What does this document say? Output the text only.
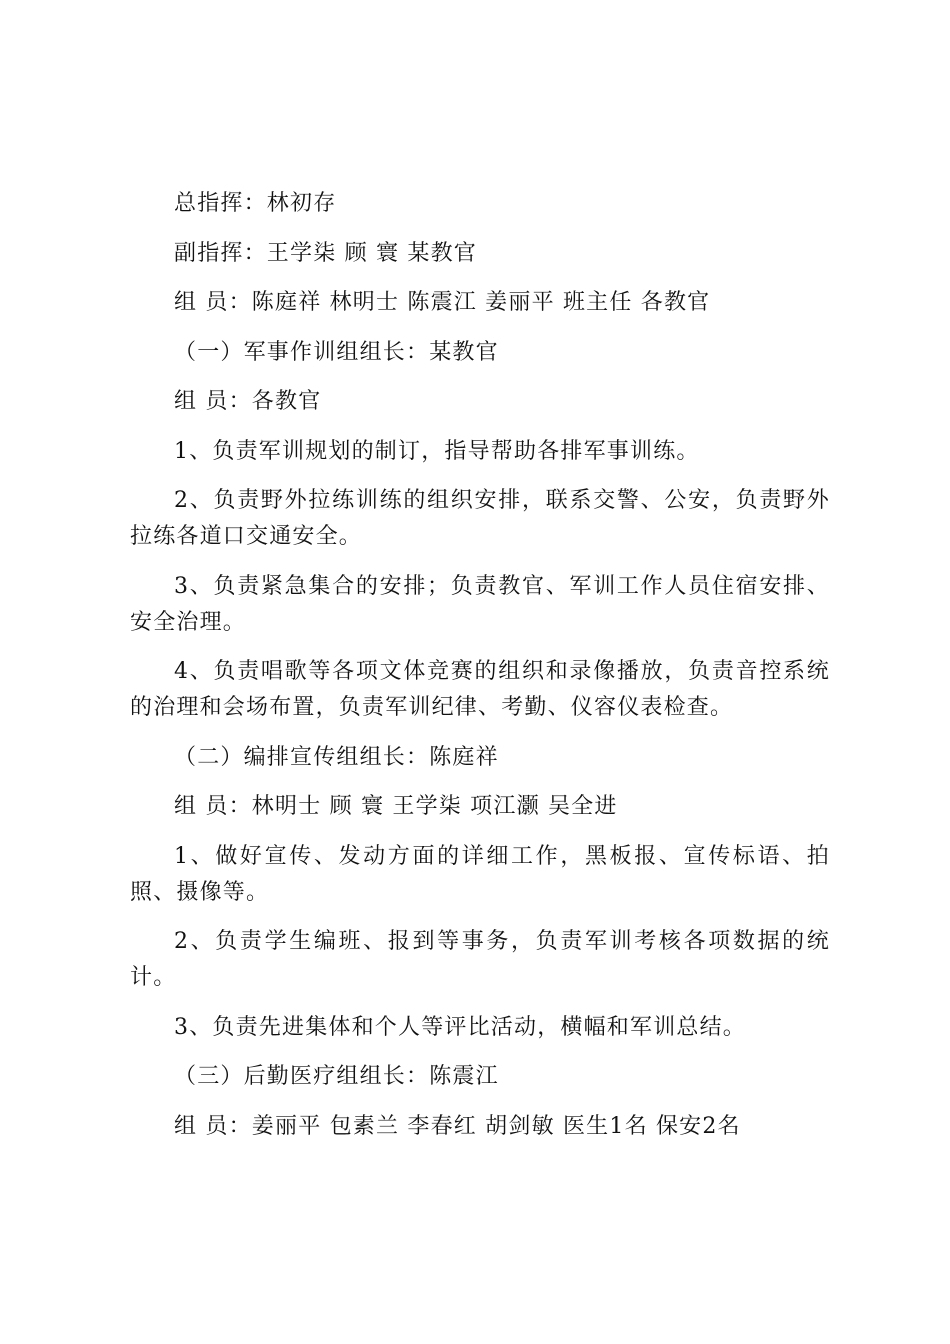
总指挥：林初存

副指挥：王学柒 顾 寰 某教官

组 员：陈庭祥 林明士 陈震江 姜丽平 班主任 各教官

（一）军事作训组组长：某教官

组 员：各教官

1、负责军训规划的制订，指导帮助各排军事训练。

2、负责野外拉练训练的组织安排，联系交警、公安，负责野外拉练各道口交通安全。

3、负责紧急集合的安排；负责教官、军训工作人员住宿安排、安全治理。

4、负责唱歌等各项文体竞赛的组织和录像播放，负责音控系统的治理和会场布置，负责军训纪律、考勤、仪容仪表检查。

（二）编排宣传组组长：陈庭祥

组 员：林明士 顾 寰 王学柒 项江灏 吴全进

1、做好宣传、发动方面的详细工作，黑板报、宣传标语、拍照、摄像等。

2、负责学生编班、报到等事务，负责军训考核各项数据的统计。

3、负责先进集体和个人等评比活动，横幅和军训总结。

（三）后勤医疗组组长：陈震江

组 员：姜丽平 包素兰 李春红 胡剑敏 医生1名 保安2名
